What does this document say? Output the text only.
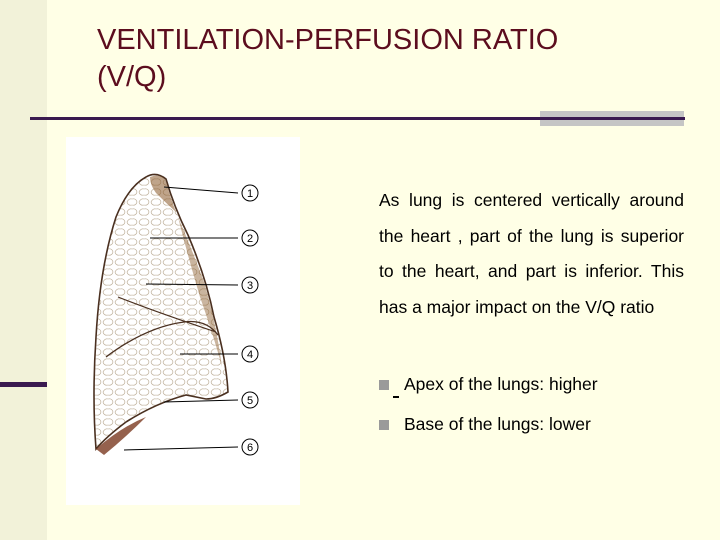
VENTILATION-PERFUSION RATIO (V/Q)
1
2
3
4
5
6
As lung is centered vertically around the heart , part of the lung is superior to the heart, and part is inferior. This has a major impact on the V/Q ratio
Apex of the lungs: higher
Base of the lungs: lower
